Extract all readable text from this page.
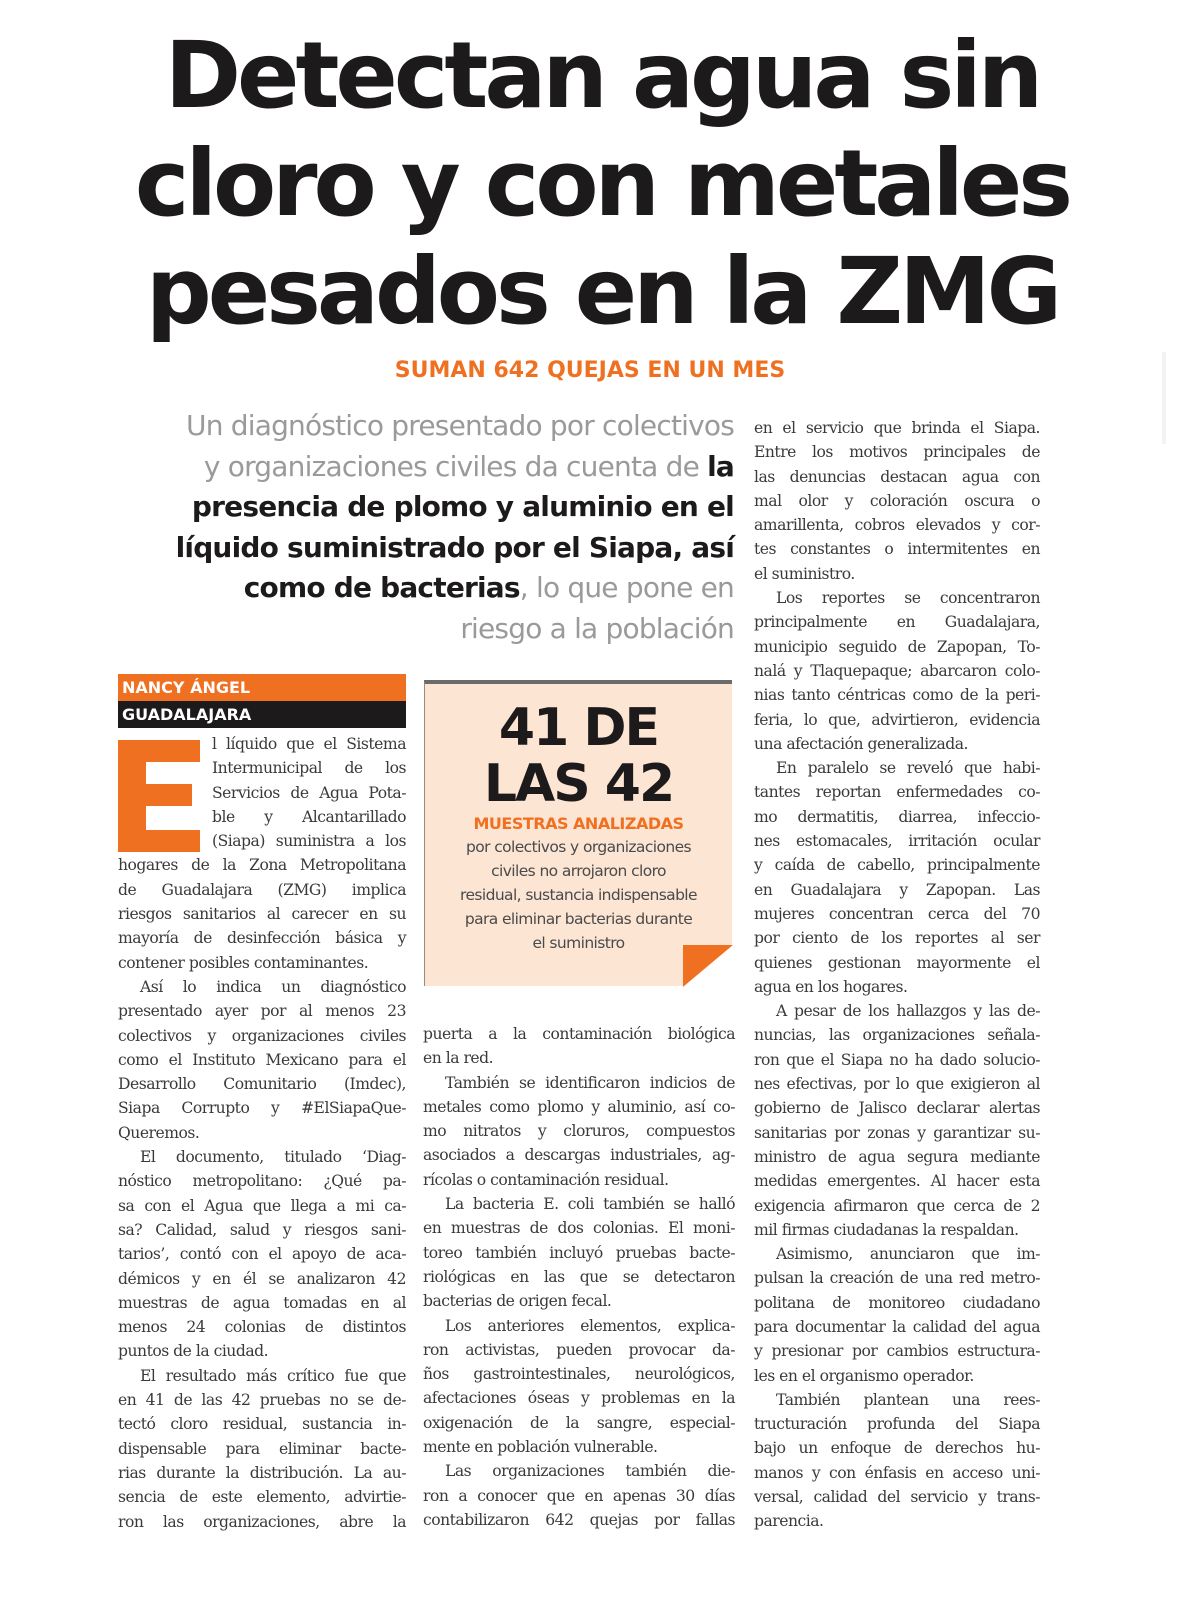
Detectan agua sin
cloro y con metales
pesados en la ZMG
SUMAN 642 QUEJAS EN UN MES
Un diagnóstico presentado por colectivos
y organizaciones civiles da cuenta de la
presencia de plomo y aluminio en el
líquido suministrado por el Siapa, así
como de bacterias, lo que pone en
riesgo a la población
NANCY ÁNGEL
GUADALAJARA
l líquido que el Sistema
Intermunicipal de los
Servicios de Agua Pota-
ble y Alcantarillado
(Siapa) suministra a los
hogares de la Zona Metropolitana
de Guadalajara (ZMG) implica
riesgos sanitarios al carecer en su
mayoría de desinfección básica y
contener posibles contaminantes.
Así lo indica un diagnóstico
presentado ayer por al menos 23
colectivos y organizaciones civiles
como el Instituto Mexicano para el
Desarrollo Comunitario (Imdec),
Siapa Corrupto y #ElSiapaQue-
Queremos.
El documento, titulado ‘Diag-
nóstico metropolitano: ¿Qué pa-
sa con el Agua que llega a mi ca-
sa? Calidad, salud y riesgos sani-
tarios’, contó con el apoyo de aca-
démicos y en él se analizaron 42
muestras de agua tomadas en al
menos 24 colonias de distintos
puntos de la ciudad.
El resultado más crítico fue que
en 41 de las 42 pruebas no se de-
tectó cloro residual, sustancia in-
dispensable para eliminar bacte-
rias durante la distribución. La au-
sencia de este elemento, advirtie-
ron las organizaciones, abre la
41 DE
LAS 42
MUESTRAS ANALIZADAS
por colectivos y organizaciones
civiles no arrojaron cloro
residual, sustancia indispensable
para eliminar bacterias durante
el suministro
puerta a la contaminación biológica
en la red.
También se identificaron indicios de
metales como plomo y aluminio, así co-
mo nitratos y cloruros, compuestos
asociados a descargas industriales, ag-
rícolas o contaminación residual.
La bacteria E. coli también se halló
en muestras de dos colonias. El moni-
toreo también incluyó pruebas bacte-
riológicas en las que se detectaron
bacterias de origen fecal.
Los anteriores elementos, explica-
ron activistas, pueden provocar da-
ños gastrointestinales, neurológicos,
afectaciones óseas y problemas en la
oxigenación de la sangre, especial-
mente en población vulnerable.
Las organizaciones también die-
ron a conocer que en apenas 30 días
contabilizaron 642 quejas por fallas
en el servicio que brinda el Siapa.
Entre los motivos principales de
las denuncias destacan agua con
mal olor y coloración oscura o
amarillenta, cobros elevados y cor-
tes constantes o intermitentes en
el suministro.
Los reportes se concentraron
principalmente en Guadalajara,
municipio seguido de Zapopan, To-
nalá y Tlaquepaque; abarcaron colo-
nias tanto céntricas como de la peri-
feria, lo que, advirtieron, evidencia
una afectación generalizada.
En paralelo se reveló que habi-
tantes reportan enfermedades co-
mo dermatitis, diarrea, infeccio-
nes estomacales, irritación ocular
y caída de cabello, principalmente
en Guadalajara y Zapopan. Las
mujeres concentran cerca del 70
por ciento de los reportes al ser
quienes gestionan mayormente el
agua en los hogares.
A pesar de los hallazgos y las de-
nuncias, las organizaciones señala-
ron que el Siapa no ha dado solucio-
nes efectivas, por lo que exigieron al
gobierno de Jalisco declarar alertas
sanitarias por zonas y garantizar su-
ministro de agua segura mediante
medidas emergentes. Al hacer esta
exigencia afirmaron que cerca de 2
mil firmas ciudadanas la respaldan.
Asimismo, anunciaron que im-
pulsan la creación de una red metro-
politana de monitoreo ciudadano
para documentar la calidad del agua
y presionar por cambios estructura-
les en el organismo operador.
También plantean una rees-
tructuración profunda del Siapa
bajo un enfoque de derechos hu-
manos y con énfasis en acceso uni-
versal, calidad del servicio y trans-
parencia.
